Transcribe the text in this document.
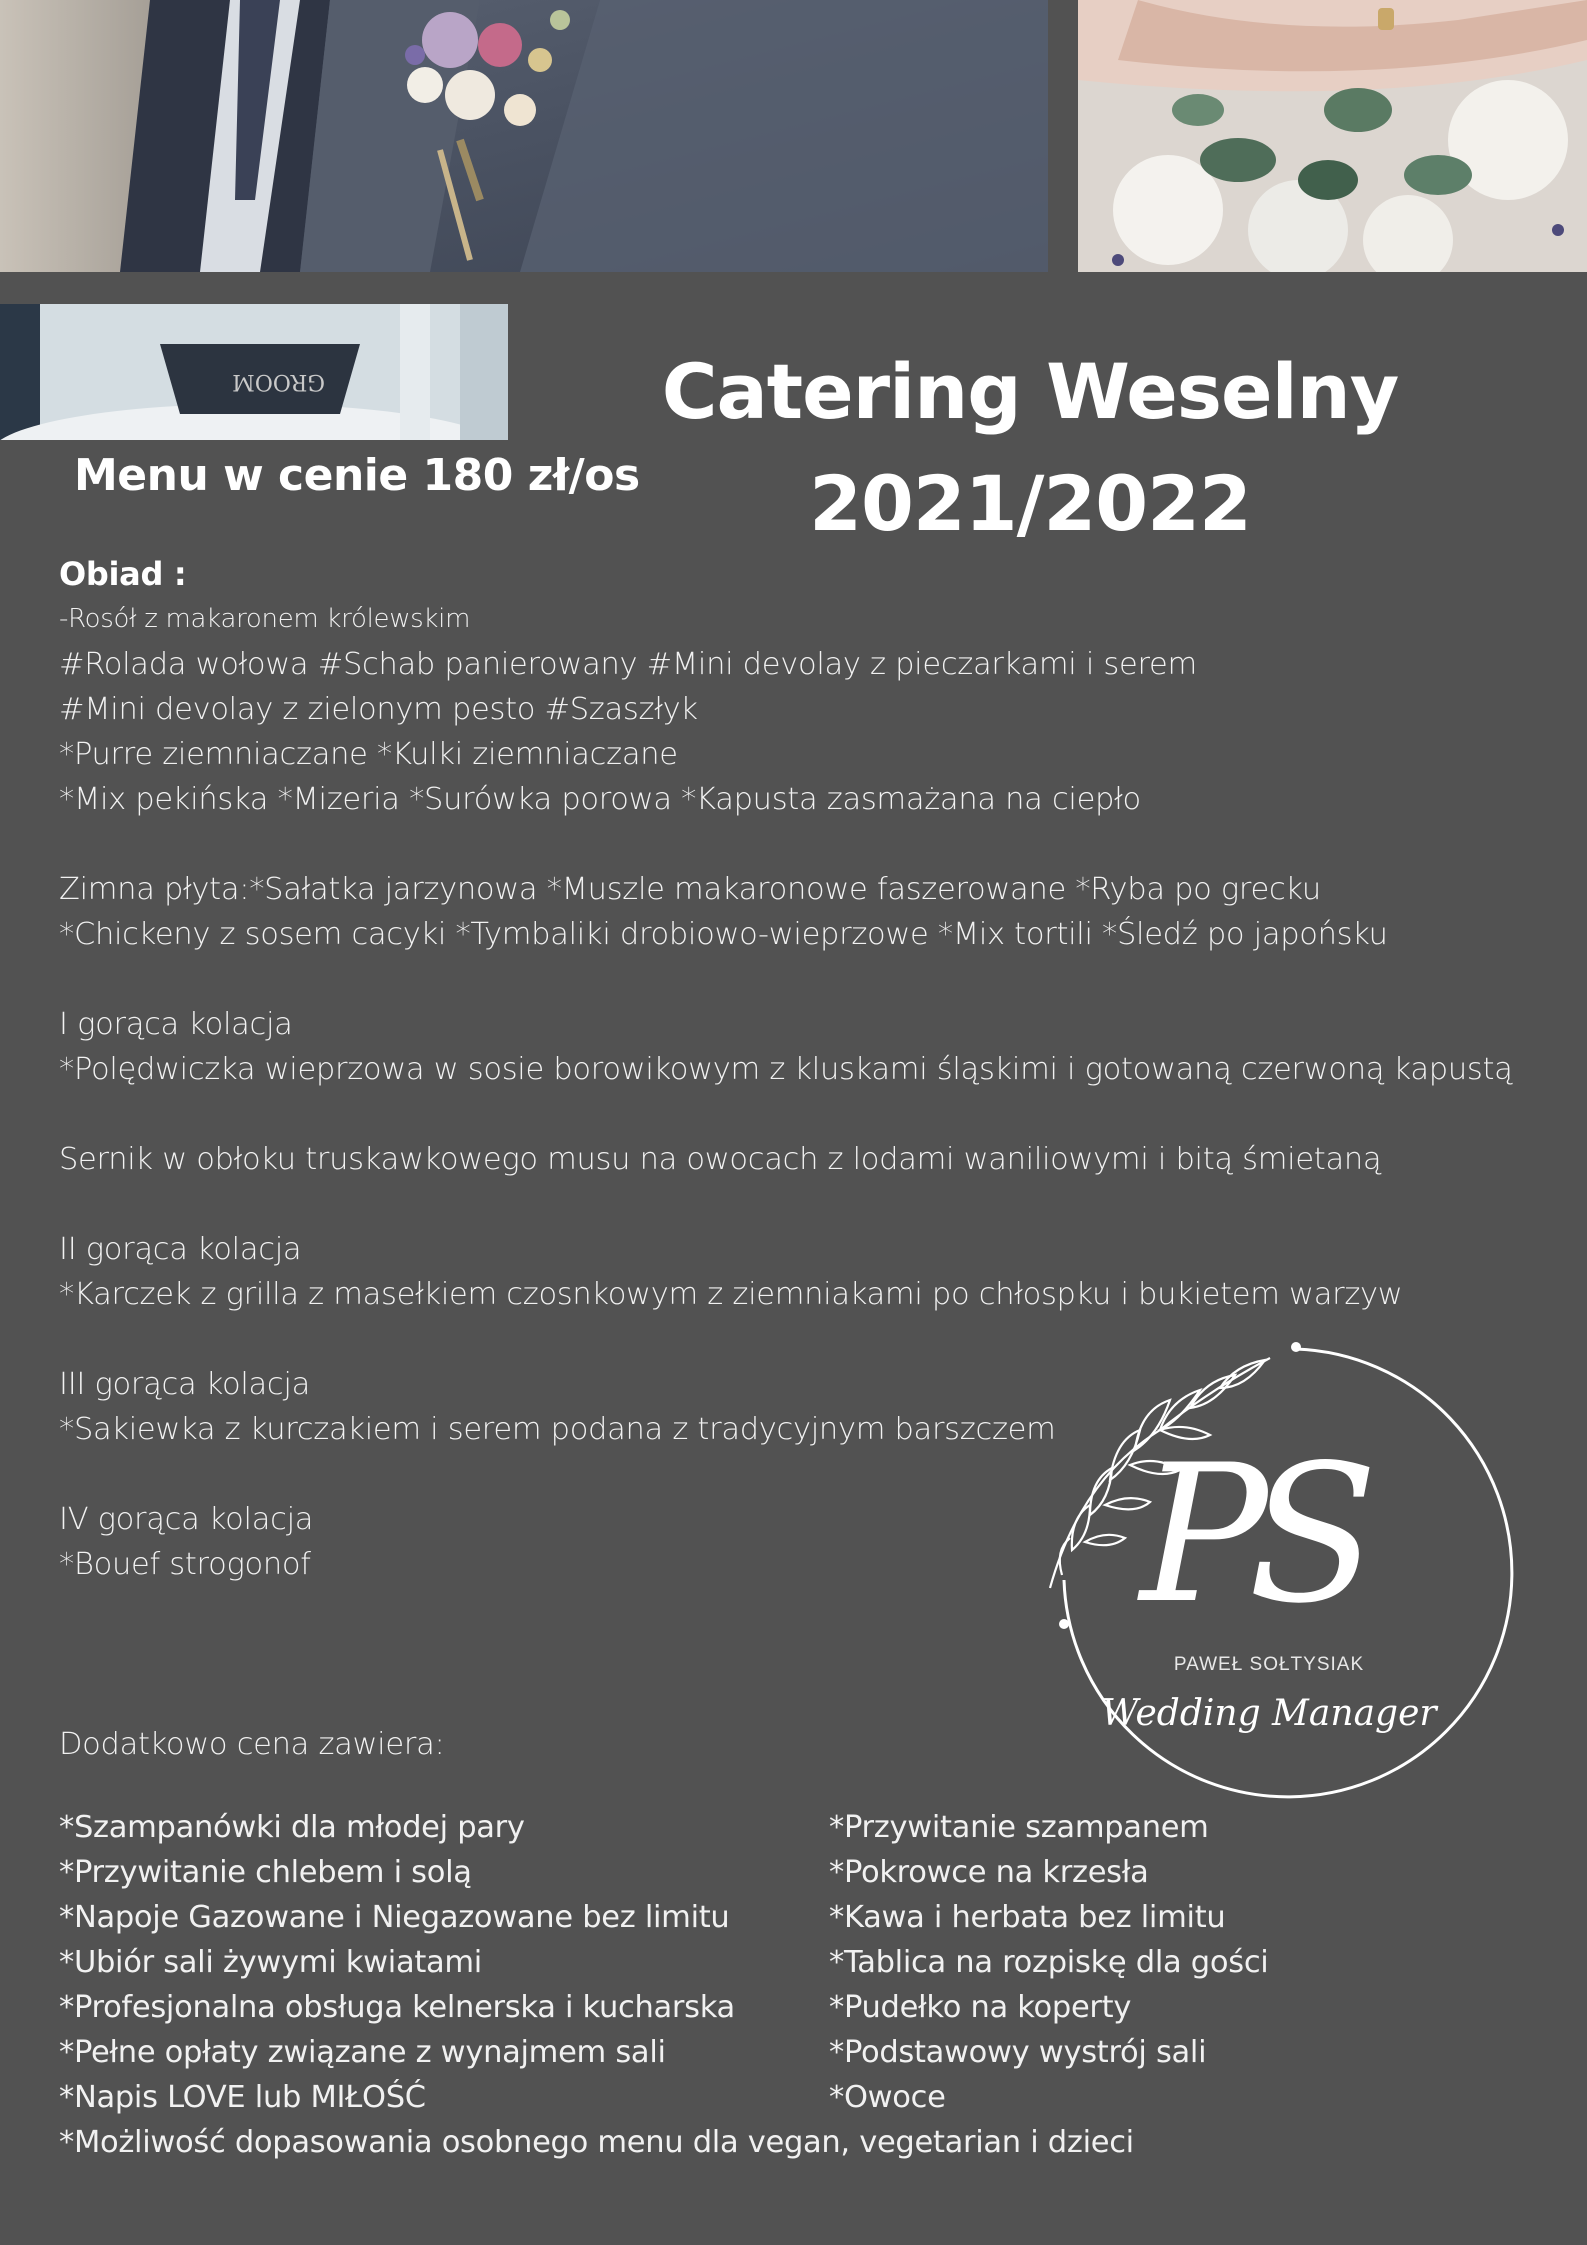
GROOM	Catering Weselny
2021/2022
Menu w cenie 180 zł/os
Obiad :
-Rosół z makaronem królewskim
#Rolada wołowa #Schab panierowany #Mini devolay z pieczarkami i serem
#Mini devolay z zielonym pesto #Szaszłyk
*Purre ziemniaczane *Kulki ziemniaczane
*Mix pekińska *Mizeria *Surówka porowa *Kapusta zasmażana na ciepło
Zimna płyta:*Sałatka jarzynowa *Muszle makaronowe faszerowane *Ryba po grecku
*Chickeny z sosem cacyki *Tymbaliki drobiowo-wieprzowe *Mix tortili *Śledź po japońsku
I gorąca kolacja
*Polędwiczka wieprzowa w sosie borowikowym z kluskami śląskimi i gotowaną czerwoną kapustą
Sernik w obłoku truskawkowego musu na owocach z lodami waniliowymi i bitą śmietaną
II gorąca kolacja
*Karczek z grilla z masełkiem czosnkowym z ziemniakami po chłospku i bukietem warzyw
III gorąca kolacja
*Sakiewka z kurczakiem i serem podana z tradycyjnym barszczem
IV gorąca kolacja
*Bouef strogonof
Dodatkowo cena zawiera:
*Szampanówki dla młodej pary	*Przywitanie szampanem
*Przywitanie chlebem i solą	*Pokrowce na krzesła
*Napoje Gazowane i Niegazowane bez limitu	*Kawa i herbata bez limitu
*Ubiór sali żywymi kwiatami	*Tablica na rozpiskę dla gości
*Profesjonalna obsługa kelnerska i kucharska	*Pudełko na koperty
*Pełne opłaty związane z wynajmem sali	*Podstawowy wystrój sali
*Napis LOVE lub MIŁOŚĆ	*Owoce
*Możliwość dopasowania osobnego menu dla vegan, vegetarian i dzieci
PS
PAWEŁ SOŁTYSIAK
Wedding Manager
